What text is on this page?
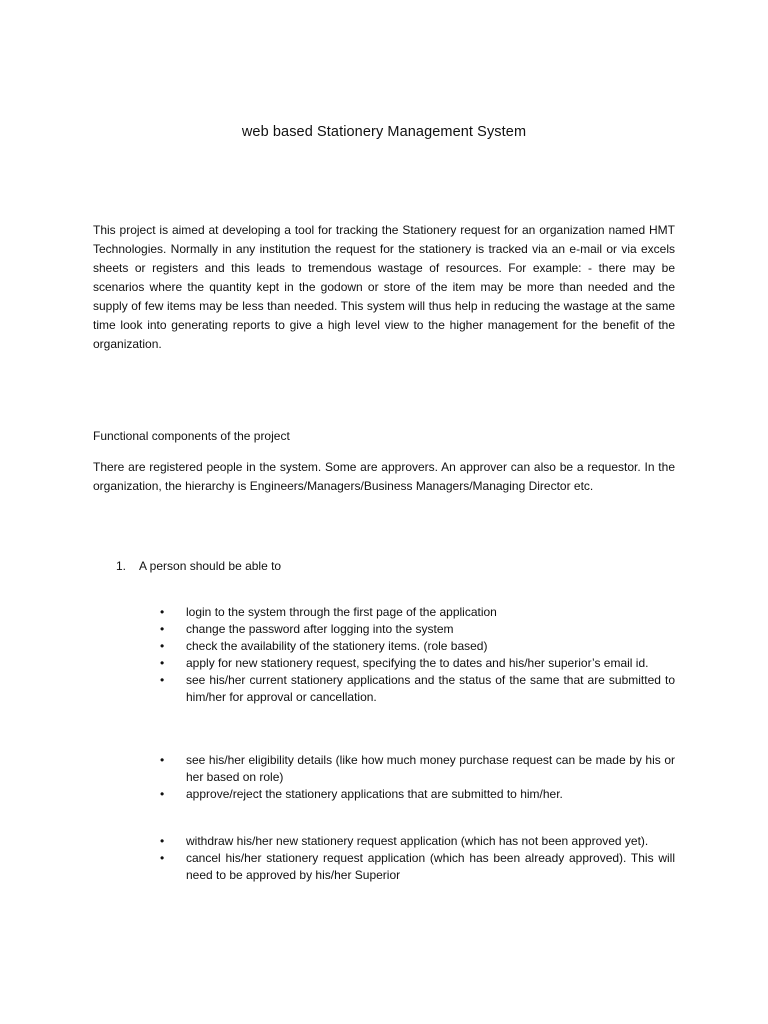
web based Stationery Management System
This project is aimed at developing a tool for tracking the Stationery request for an organization named HMT Technologies. Normally in any institution the request for the stationery is tracked via an e-mail or via excels sheets or registers and this leads to tremendous wastage of resources. For example: - there may be scenarios where the quantity kept in the godown or store of the item may be more than needed and the supply of few items may be less than needed. This system will thus help in reducing the wastage at the same time look into generating reports to give a high level view to the higher management for the benefit of the organization.
Functional components of the project
There are registered people in the system. Some are approvers. An approver can also be a requestor. In the organization, the hierarchy is Engineers/Managers/Business Managers/Managing Director etc.
1. A person should be able to
• login to the system through the first page of the application
• change the password after logging into the system
• check the availability of the stationery items. (role based)
• apply for new stationery request, specifying the to dates and his/her superior’s email id.
• see his/her current stationery applications and the status of the same that are submitted to him/her for approval or cancellation.
• see his/her eligibility details (like how much money purchase request can be made by his or her based on role)
• approve/reject the stationery applications that are submitted to him/her.
• withdraw his/her new stationery request application (which has not been approved yet).
• cancel his/her stationery request application (which has been already approved). This will need to be approved by his/her Superior
